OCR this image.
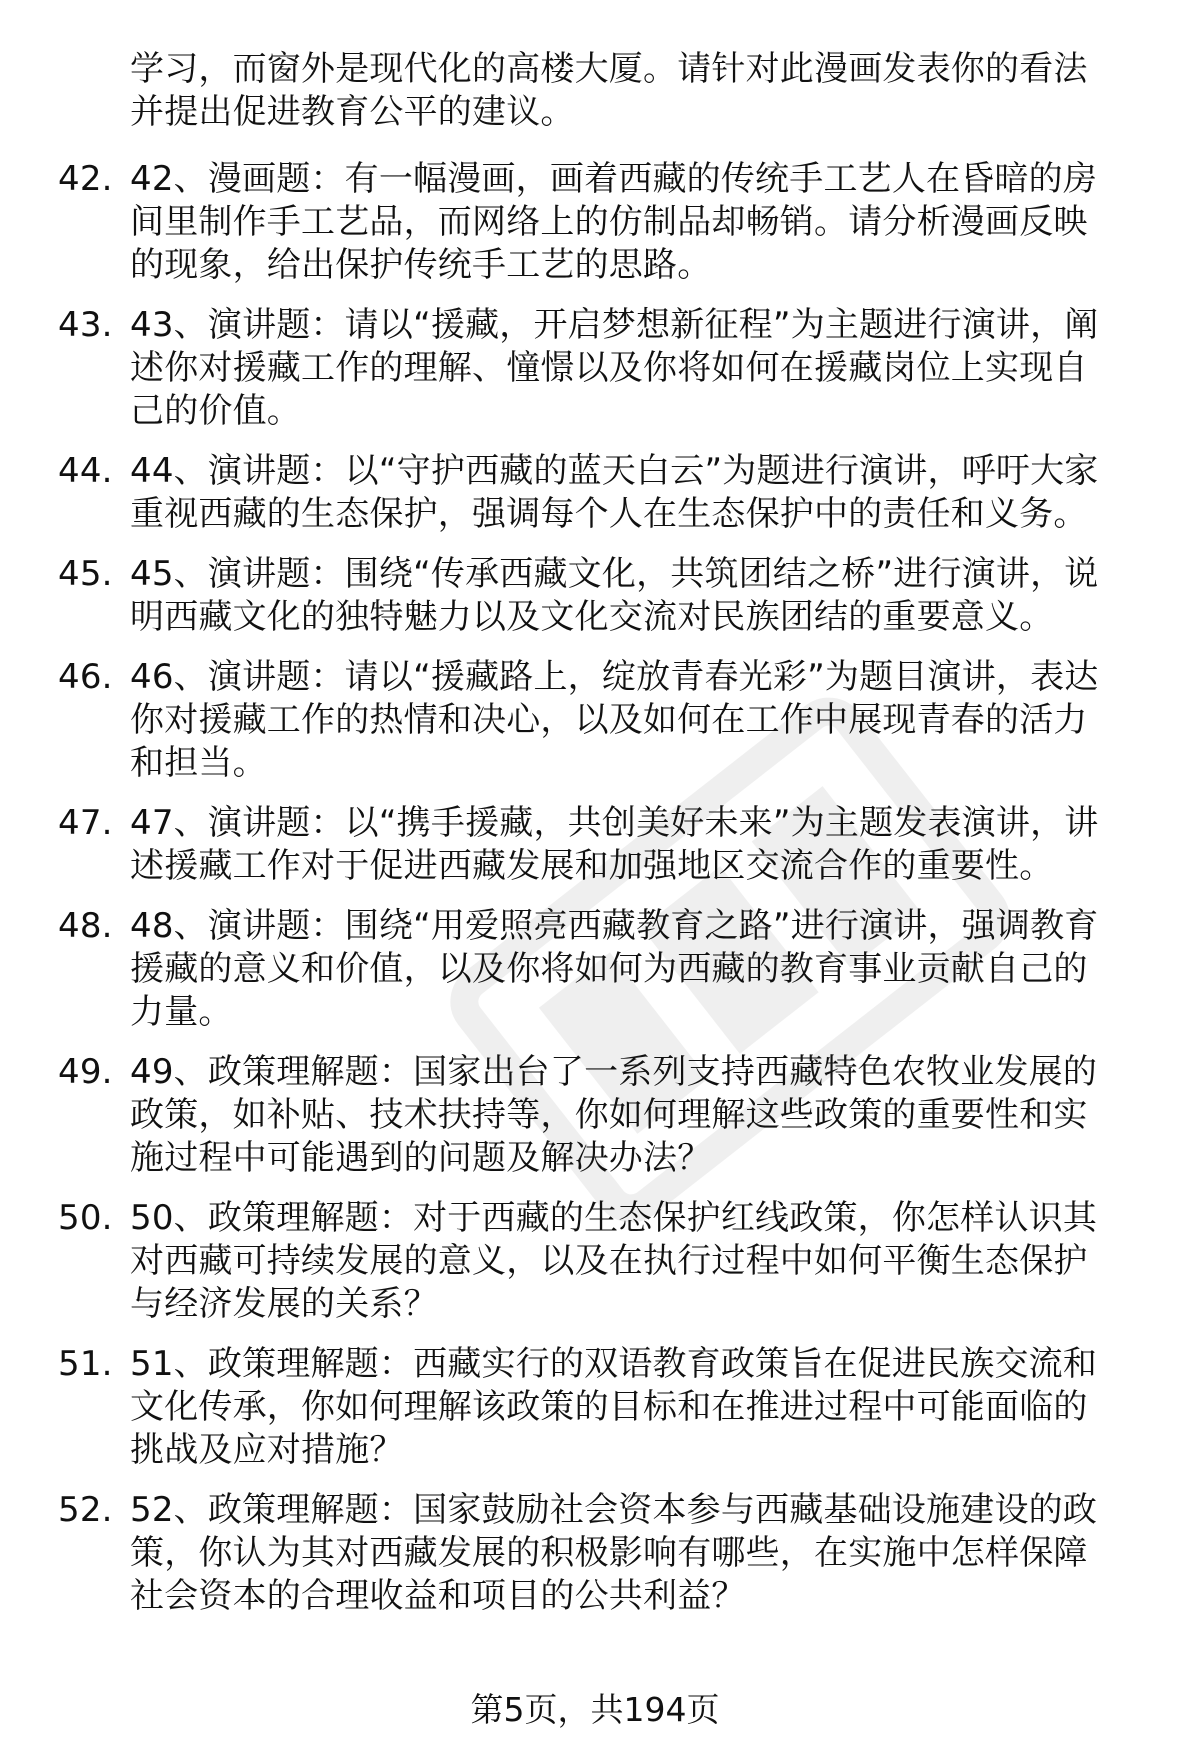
学习，而窗外是现代化的高楼大厦。请针对此漫画发表你的看法
并提出促进教育公平的建议。
42. 42、漫画题：有一幅漫画，画着西藏的传统手工艺人在昏暗的房
间里制作手工艺品，而网络上的仿制品却畅销。请分析漫画反映
的现象，给出保护传统手工艺的思路。
43. 43、演讲题：请以“援藏，开启梦想新征程”为主题进行演讲，阐
述你对援藏工作的理解、憧憬以及你将如何在援藏岗位上实现自
己的价值。
44. 44、演讲题：以“守护西藏的蓝天白云”为题进行演讲，呼吁大家
重视西藏的生态保护，强调每个人在生态保护中的责任和义务。
45. 45、演讲题：围绕“传承西藏文化，共筑团结之桥”进行演讲，说
明西藏文化的独特魅力以及文化交流对民族团结的重要意义。
46. 46、演讲题：请以“援藏路上，绽放青春光彩”为题目演讲，表达
你对援藏工作的热情和决心，以及如何在工作中展现青春的活力
和担当。
47. 47、演讲题：以“携手援藏，共创美好未来”为主题发表演讲，讲
述援藏工作对于促进西藏发展和加强地区交流合作的重要性。
48. 48、演讲题：围绕“用爱照亮西藏教育之路”进行演讲，强调教育
援藏的意义和价值，以及你将如何为西藏的教育事业贡献自己的
力量。
49. 49、政策理解题：国家出台了一系列支持西藏特色农牧业发展的
政策，如补贴、技术扶持等，你如何理解这些政策的重要性和实
施过程中可能遇到的问题及解决办法？
50. 50、政策理解题：对于西藏的生态保护红线政策，你怎样认识其
对西藏可持续发展的意义，以及在执行过程中如何平衡生态保护
与经济发展的关系？
51. 51、政策理解题：西藏实行的双语教育政策旨在促进民族交流和
文化传承，你如何理解该政策的目标和在推进过程中可能面临的
挑战及应对措施？
52. 52、政策理解题：国家鼓励社会资本参与西藏基础设施建设的政
策，你认为其对西藏发展的积极影响有哪些，在实施中怎样保障
社会资本的合理收益和项目的公共利益？
第5页，共194页
